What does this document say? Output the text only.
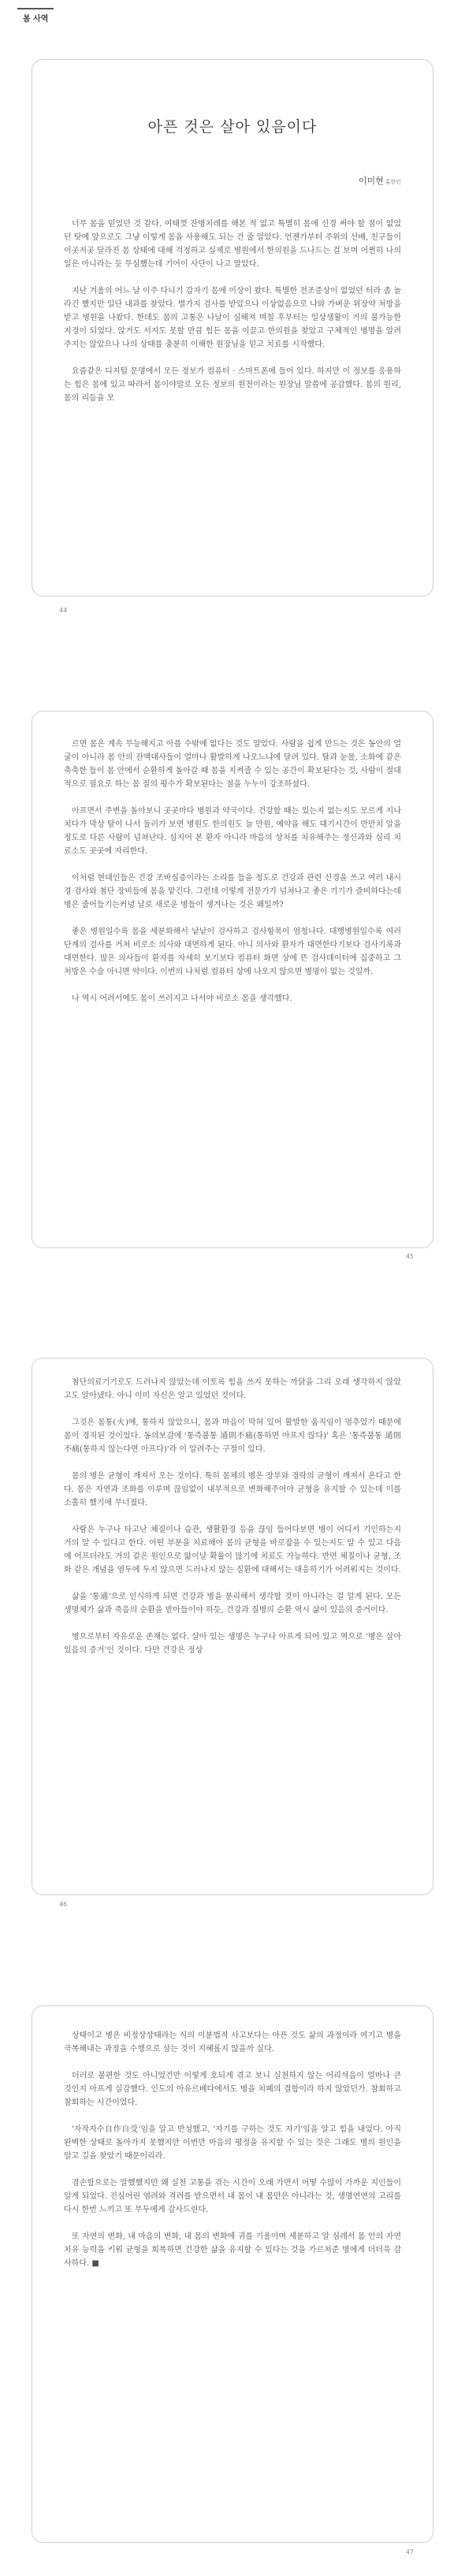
봄 사역
아픈 것은 살아 있음이다
이미현 홀한인

너무 몸을 믿었던 것 같다. 여태껏 잔병치레를 해본 적 없고 특별히 몸에 신경 써야 할 점이 없었던 탓에 앞으로도 그냥 이렇게 몸을 사용해도 되는 건 줄 알았다. 언젠가부터 주위의 선배, 친구들이 이곳저곳 달라진 몸 상태에 대해 걱정하고 실제로 병원에서 한의원을 드나드는 걸 보며 어쩐히 나의 일은 아니라는 듯 무심했는데 기어이 사단이 나고 말았다.

지난 겨울의 어느 날 이주 다니기 갑자기 몸에 이상이 왔다. 특별한 전조증상이 없었던 터라 좀 놀라긴 했지만 일단 내과를 찾았다. 별가지 검사를 받았으나 이상없음으로 나와 가벼운 위장약 처방을 받고 병원을 나왔다. 한데도 몸의 고통은 나날이 심해져 며칠 후부터는 일상생활이 거의 불가능한 지경이 되었다. 앉거도 서지도 못할 만큼 힘든 몸을 이끌고 한의원을 찾았고 구체적인 병명을 알려주지는 않았으나 나의 상태를 충분히 이해한 원장님을 믿고 치료를 시작했다.

요즘같은 디지털 문명에서 모든 정보가 컴퓨터 · 스마트폰에 들어 있다. 하지만 이 정보를 응용하는 힘은 몸에 있고 따라서 몸이야말로 모든 정보의 원천이라는 원장님 말씀에 공감했다. 몸의 원리, 몸의 리듬을 모

44

르면 몸은 계속 무능해지고 아플 수밖에 없다는 것도 알았다. 사람을 쉽게 만드는 것은 동안의 얼굴이 아니라 몸 안의 잔액대사들이 얼마나 활발하게 나오느냐에 달려 있다. 탈과 눈물, 소화에 같은 축축한 들이 몸 안에서 순환하게 돌아갈 때 몸을 지켜줄 수 있는 공간이 확보된다는 것, 사람이 절대적으로 필요로 하는 몸 질의 평수가 확보된다는 점을 누누이 강조하셨다.

아프면서 주변을 돌아보니 곳곳마다 병원과 약국이다. 건강할 때는 있는지 없는지도 모르게 지나치다가 막상 탈이 나서 둘러가 보면 병원도 한의원도 늘 만원, 예약을 해도 대기시간이 반만치 알을 정도로 다른 사람이 넘쳐난다. 심지어 본 환자 아니라 마음의 상처를 치유해주는 정신과와 심리 치료소도 곳곳에 자리한다.

이처럼 현대인들은 건강 조바심증이라는 소리를 들을 정도로 건강과 관련 신경을 쓰고 여러 내시경 검사와 첨단 장비들에 몸을 맡긴다. 그런데 이렇게 전문가가 넘쳐나고 좋은 기기가 즐비하다는데 병은 줄어들기는커녕 날로 새로운 병들이 생겨나는 것은 왜일까?

좋은 병원일수록 몸을 세분화해서 낱낱이 검사하고 검사항목이 엄청나다. 대행병원일수록 여러 단계의 검사를 거쳐 비로소 의사와 대면하게 된다. 아니 의사와 환자가 대면한다기보다 검사기록과 대면한다. 많은 의사들이 환자를 자세히 보기보다 컴퓨터 화면 상에 뜬 검사데이터에 집중하고 그 처방은 수술 아니면 약이다. 이번의 나처럼 컴퓨터 상에 나오지 않으면 병명이 없는 것일까.

나 역시 어려서에도 몸이 쓰러지고 나서야 비로소 몸을 생각했다.

45

첨단의료기기로도 드러나지 않았는데 이토록 힘을 쓰지 못하는 까닭을 그리 오래 생각하지 않았고도 알아냈다. 아니 이미 자신은 알고 있었던 것이다.

그것은 몸통(火)에, 통하지 않았으니, 몸과 마음이 막혀 있어 활발한 움직임이 멈추었기 때문에 몸이 경직된 것이었다. 동의보감에 '통즉불통 通則不痛(통하면 아프지 않다)' 혹은 '통즉불통 通則不痛(통하지 않는다면 아프다)'라 이 알려주는 구절이 있다.

몸의 병은 균형이 깨져서 오는 것이다. 특히 몸체의 병은 장부와 경락의 균형이 깨져서 온다고 한다. 몸은 자연과 조화를 이루며 끊임없이 내부적으로 변화해주어야 균형을 유지할 수 있는데 이를 소홀히 했기에 무너졌다.

사람은 누구나 타고난 체질이나 습관, 생활환경 등을 끊임 들어다보면 병이 어디서 기인하는지 거의 알 수 있다고 한다. 어떤 부분을 치료해야 몸의 균형을 바로잡을 수 있는지도 알 수 있고 다음에 어프더라도 거의 같은 원인으로 앓이날 확률이 많기에 치료도 가능하다. 반면 체질이나 균형, 조화 같은 개념을 염두에 두지 않으면 드러나지 않는 질환에 대해서는 대응하기가 어려워지는 것이다.

삶을 '통通'으로 인식하게 되면 건강과 병을 분리해서 생각할 것이 아니라는 걸 알게 된다. 모든 생명체가 삶과 죽음의 순환을 받아들이야 하듯, 건강과 질병의 순환 역시 삶이 있음의 증거이다.

병으로부터 자유로운 존재는 없다. 살아 있는 생명은 누구나 아프게 되어 있고 역으로 '병은 살아 있음의 증거'인 것이다. 다만 건강은 정상

46

상태이고 병은 비정상상태라는 식의 이분법적 사고보다는 아픈 것도 삶의 과정이라 여기고 병을 극복해내는 과정을 수행으로 삼는 것이 지혜롭지 않을까 싶다.

더러로 불편한 것도 아니었건만 이렇게 호되게 겪고 보니 실천하지 않는 어리석음이 얼마나 큰 것인지 아프게 실감했다. 인도의 아유르베다에서도 병을 치폐의 결함이라 하지 않았던가. 참회하고 참회하는 시간이었다.

'자작자수自作自受'임을 알고 반성했고, '자기를 구하는 것도 자기'임을 알고 힘을 내었다. 아직 완벽한 상태로 돌아가지 못했지만 이번만 마음의 평정을 유지할 수 있는 것은 그래도 병의 원인을 알고 길을 찾았기 때문이리라.

겸손함으로는 말했했지만 왜 실천 고통을 겪는 시간이 오래 가면서 어떻 수많이 가까운 지인들이 알게 되었다. 진심어린 염려와 격려를 받으면서 내 몸이 내 몸만은 아니라는 것, 생명연연의 고리를 다시 한번 느끼고 또 무두에게 감사드린다.

또 자연의 변화, 내 마음의 변화, 내 몸의 변화에 귀를 기울이며 세분하고 알 심레서 몸 안의 자연치유 능력을 키워 균형을 회복하면 건강한 삶을 유지할 수 있다는 것을 가르쳐준 병에게 더더욱 감사하다. ■

47
